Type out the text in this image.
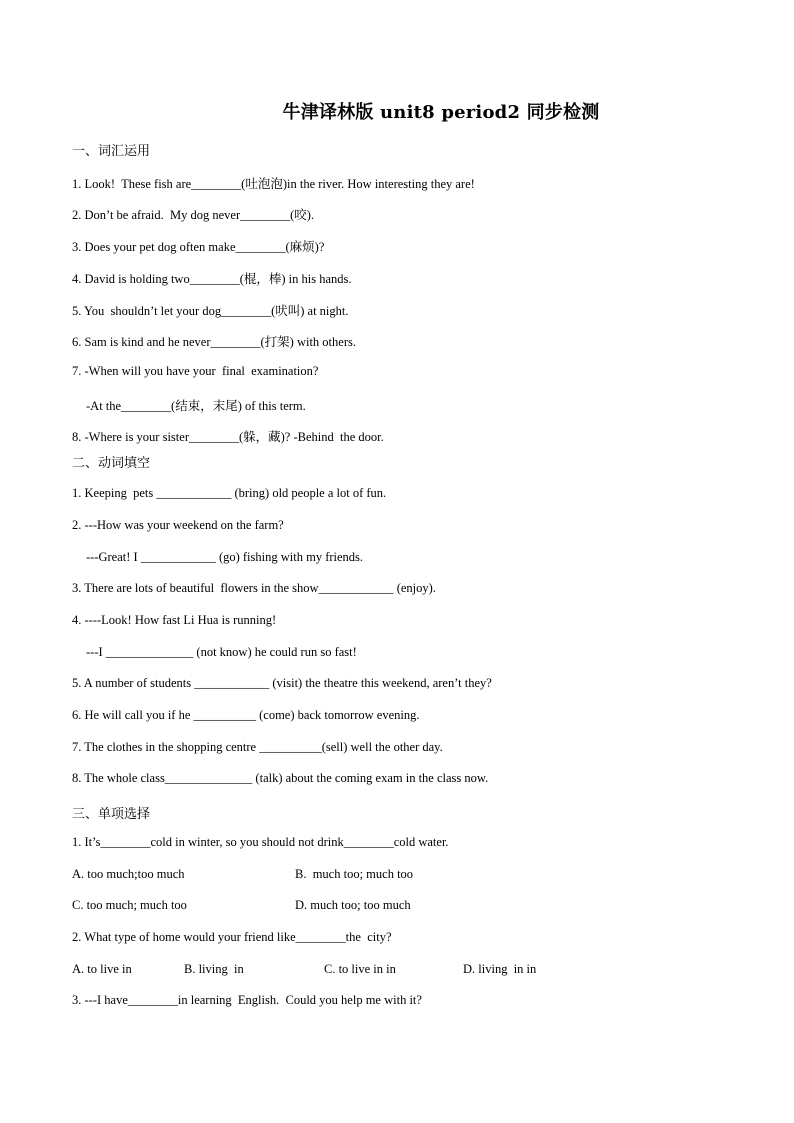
牛津译林版 unit8 period2 同步检测
一、词汇运用
1. Look!  These fish are________(吐泡泡)in the river. How interesting they are!
2. Don’t be afraid.  My dog never________(咬).
3. Does your pet dog often make________(麻烦)?
4. David is holding two________(棍，棒) in his hands.
5. You  shouldn’t let your dog________(吠叫) at night.
6. Sam is kind and he never________(打架) with others.
7. -When will you have your  final  examination?
-At the________(结束，末尾) of this term.
8. -Where is your sister________(躲，藏)? -Behind  the door.
二、动词填空
1. Keeping  pets ____________ (bring) old people a lot of fun.
2. ---How was your weekend on the farm?
---Great! I ____________ (go) fishing with my friends.
3. There are lots of beautiful  flowers in the show____________ (enjoy).
4. ----Look! How fast Li Hua is running!
---I ______________ (not know) he could run so fast!
5. A number of students ____________ (visit) the theatre this weekend, aren’t they?
6. He will call you if he __________ (come) back tomorrow evening.
7. The clothes in the shopping centre __________(sell) well the other day.
8. The whole class______________ (talk) about the coming exam in the class now.
三、单项选择
1. It’s________cold in winter, so you should not drink________cold water.
A. too much;too much	B.  much too; much too
C. too much; much too	D. much too; too much
2. What type of home would your friend like________the  city?
A. to live in	B. living  in	C. to live in in	D. living  in in
3. ---I have________in learning  English.  Could you help me with it?
